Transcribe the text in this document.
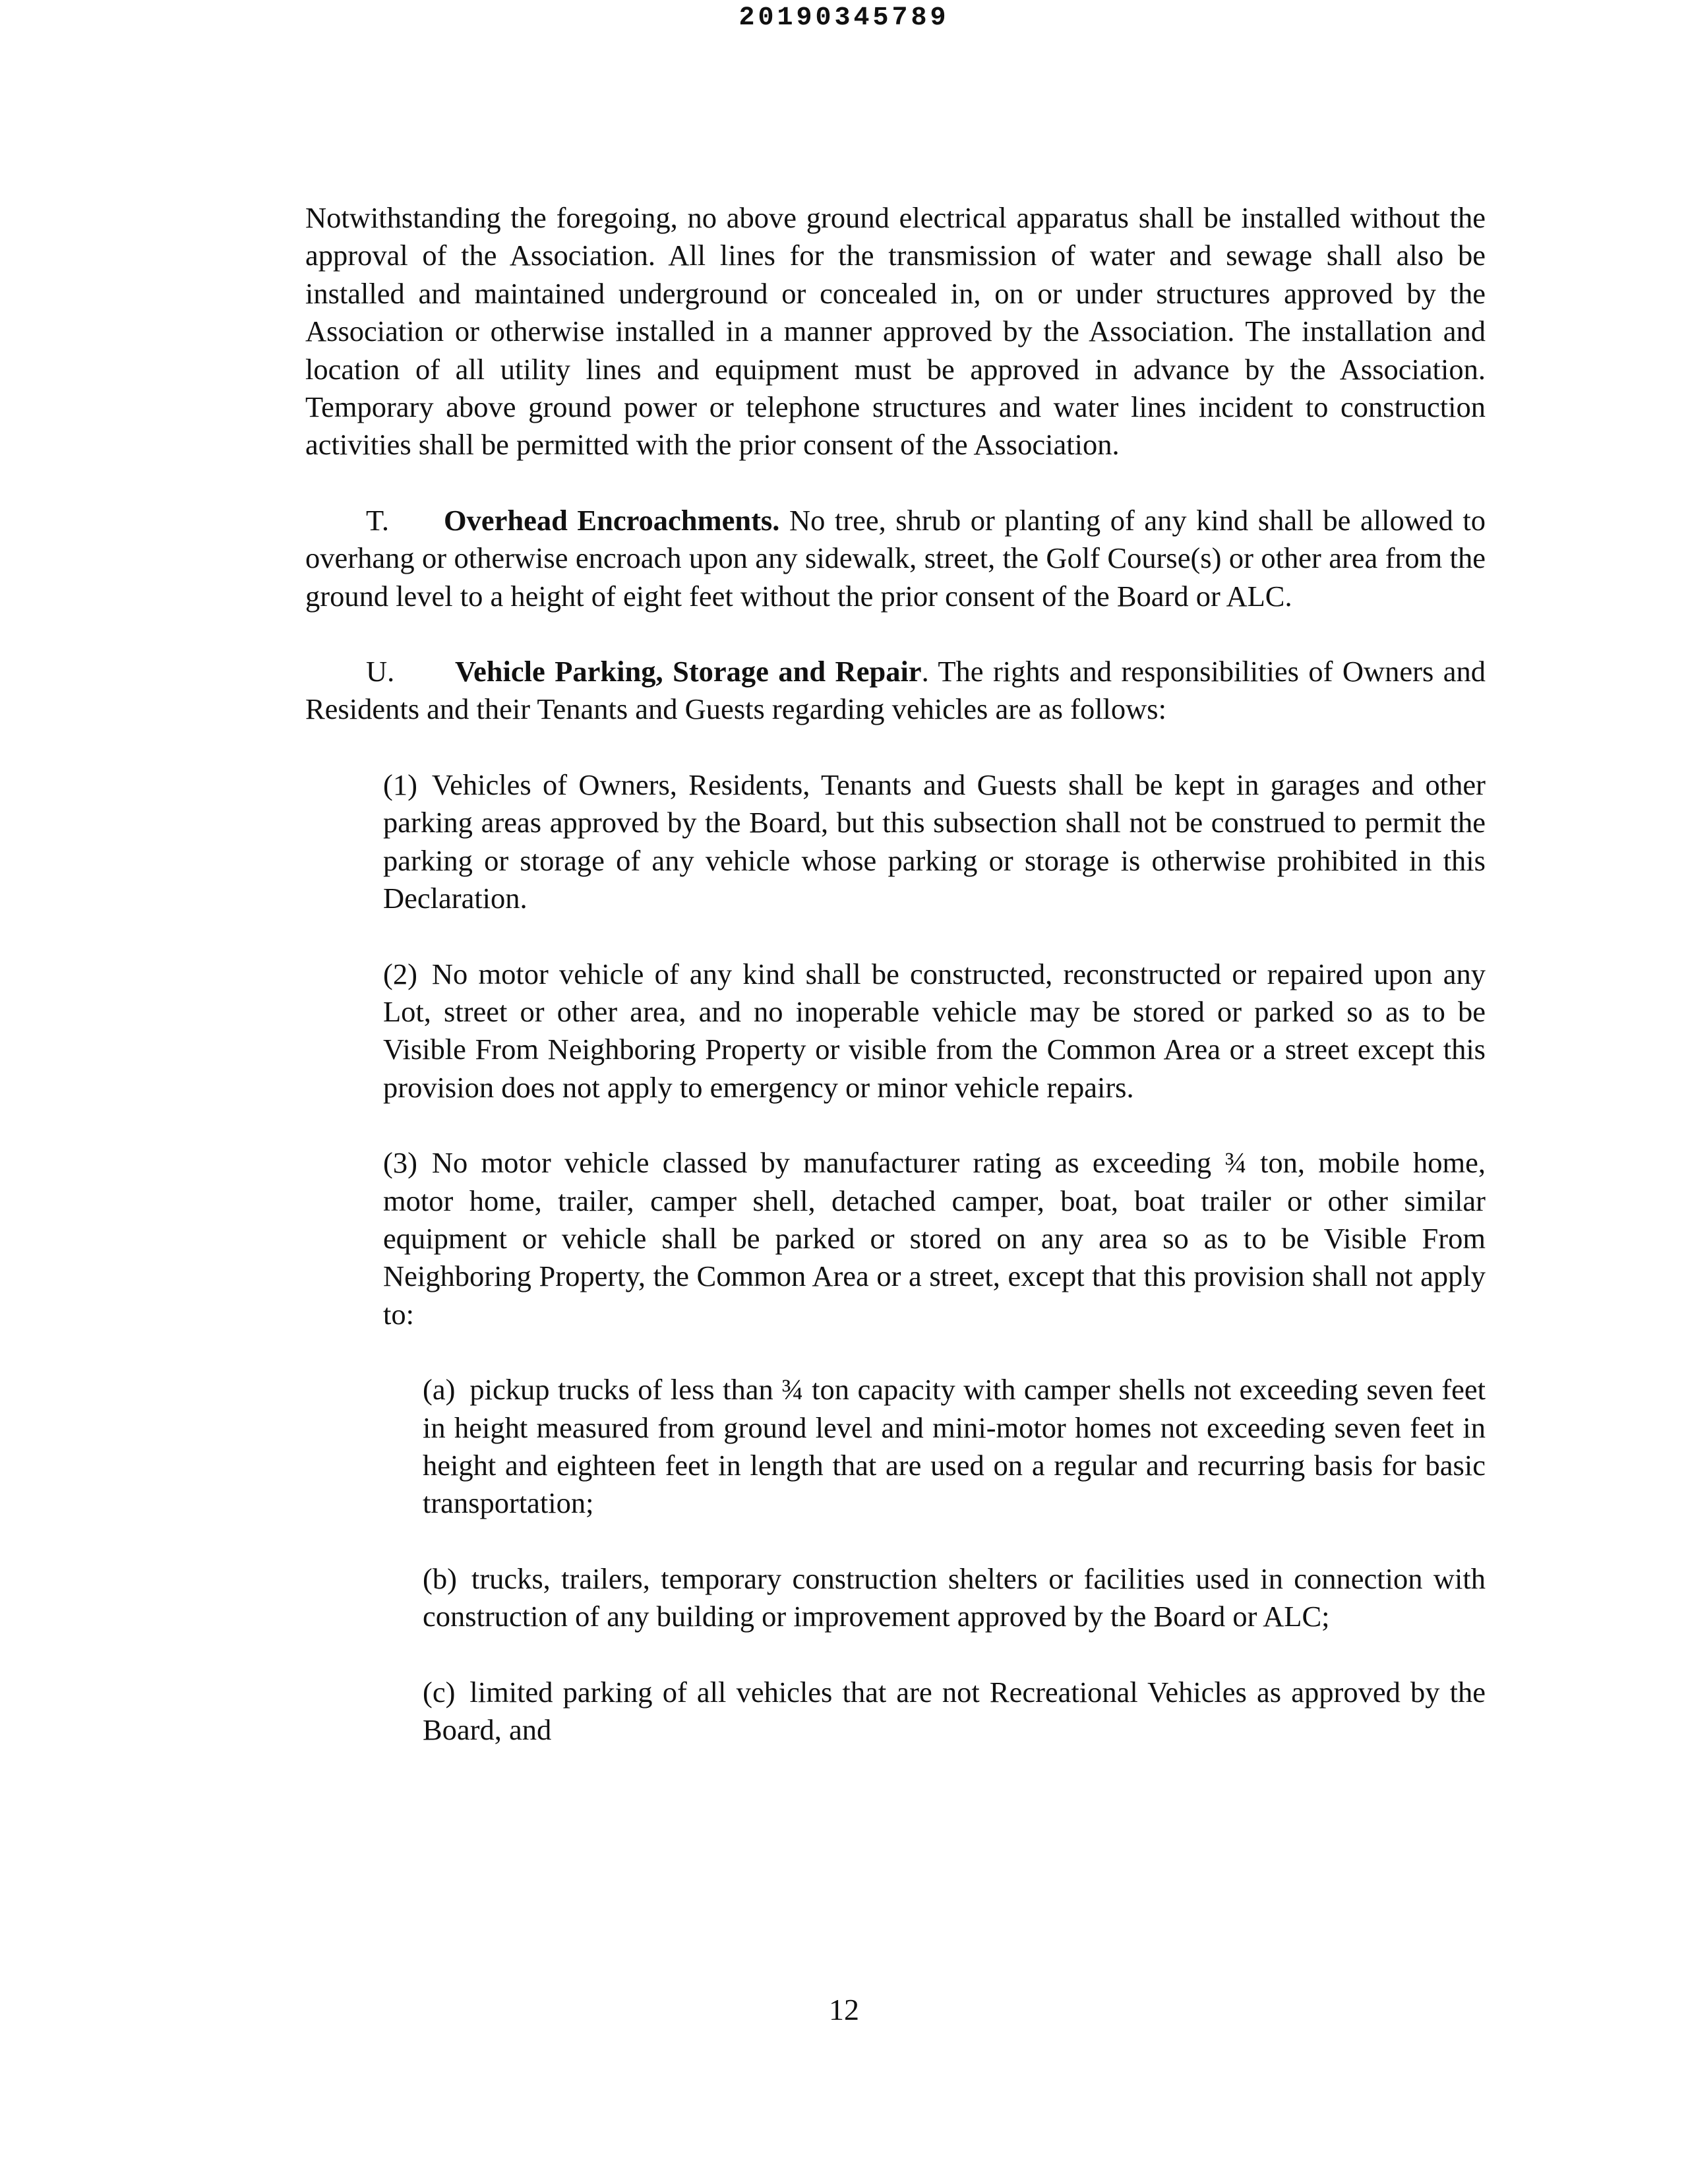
20190345789

Notwithstanding the foregoing, no above ground electrical apparatus shall be installed without the approval of the Association. All lines for the transmission of water and sewage shall also be installed and maintained underground or concealed in, on or under structures approved by the Association or otherwise installed in a manner approved by the Association. The installation and location of all utility lines and equipment must be approved in advance by the Association. Temporary above ground power or telephone structures and water lines incident to construction activities shall be permitted with the prior consent of the Association.

T. Overhead Encroachments. No tree, shrub or planting of any kind shall be allowed to overhang or otherwise encroach upon any sidewalk, street, the Golf Course(s) or other area from the ground level to a height of eight feet without the prior consent of the Board or ALC.

U. Vehicle Parking, Storage and Repair. The rights and responsibilities of Owners and Residents and their Tenants and Guests regarding vehicles are as follows:

(1) Vehicles of Owners, Residents, Tenants and Guests shall be kept in garages and other parking areas approved by the Board, but this subsection shall not be construed to permit the parking or storage of any vehicle whose parking or storage is otherwise prohibited in this Declaration.

(2) No motor vehicle of any kind shall be constructed, reconstructed or repaired upon any Lot, street or other area, and no inoperable vehicle may be stored or parked so as to be Visible From Neighboring Property or visible from the Common Area or a street except this provision does not apply to emergency or minor vehicle repairs.

(3) No motor vehicle classed by manufacturer rating as exceeding ¾ ton, mobile home, motor home, trailer, camper shell, detached camper, boat, boat trailer or other similar equipment or vehicle shall be parked or stored on any area so as to be Visible From Neighboring Property, the Common Area or a street, except that this provision shall not apply to:

(a) pickup trucks of less than ¾ ton capacity with camper shells not exceeding seven feet in height measured from ground level and mini-motor homes not exceeding seven feet in height and eighteen feet in length that are used on a regular and recurring basis for basic transportation;

(b) trucks, trailers, temporary construction shelters or facilities used in connection with construction of any building or improvement approved by the Board or ALC;

(c) limited parking of all vehicles that are not Recreational Vehicles as approved by the Board, and

12
